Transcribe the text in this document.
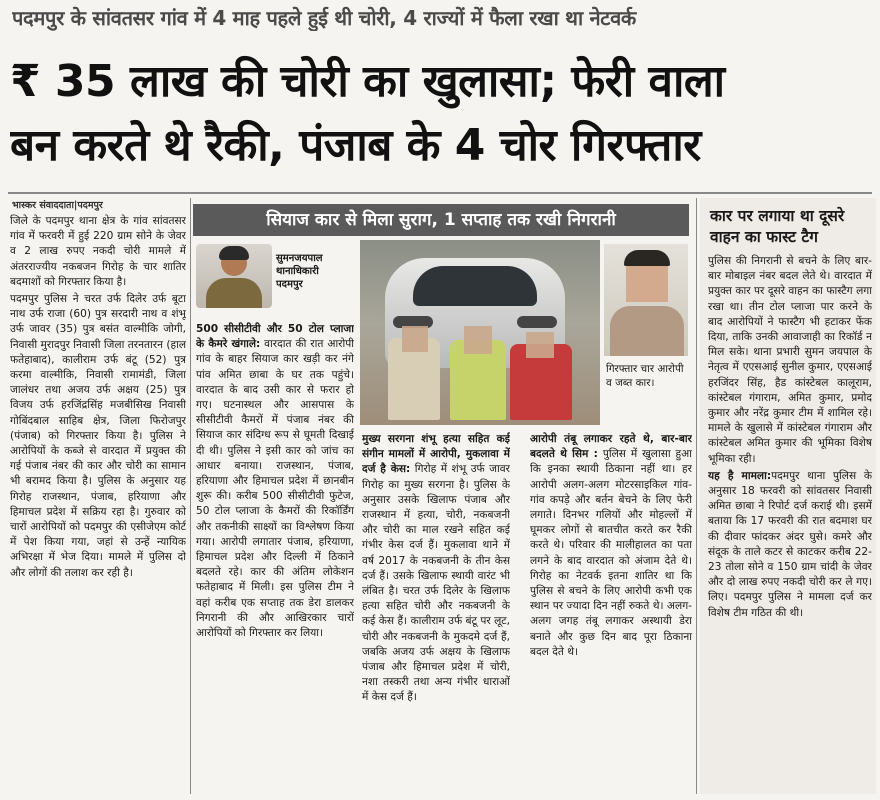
पदमपुर के सांवतसर गांव में 4 माह पहले हुई थी चोरी, 4 राज्यों में फैला रखा था नेटवर्क
₹ 35 लाख की चोरी का खुलासा; फेरी वाला
बन करते थे रैकी, पंजाब के 4 चोर गिरफ्तार
भास्कर संवाददाता|पदमपुर

जिले के पदमपुर थाना क्षेत्र के गांव सांवतसर गांव में फरवरी में हुई 220 ग्राम सोने के जेवर व 2 लाख रुपए नकदी चोरी मामले में अंतरराज्यीय नकबजन गिरोह के चार शातिर बदमाशों को गिरफ्तार किया है।

पदमपुर पुलिस ने चरत उर्फ दिलेर उर्फ बूटा नाथ उर्फ राजा (60) पुत्र सरदारी नाथ व शंभू उर्फ जावर (35) पुत्र बसंत वाल्मीकि जोगी, निवासी मुरादपुर निवासी जिला तरनतारन (हाल फतेहाबाद), कालीराम उर्फ बंटू (52) पुत्र करमा वाल्मीकि, निवासी रामामंडी, जिला जालंधर तथा अजय उर्फ अक्षय (25) पुत्र विजय उर्फ हरजिंद्रसिंह मजबीसिख निवासी गोबिंदबाल साहिब क्षेत्र, जिला फिरोजपुर (पंजाब) को गिरफ्तार किया है। पुलिस ने आरोपियों के कब्जे से वारदात में प्रयुक्त की गई पंजाब नंबर की कार और चोरी का सामान भी बरामद किया है। पुलिस के अनुसार यह गिरोह राजस्थान, पंजाब, हरियाणा और हिमाचल प्रदेश में सक्रिय रहा है। गुरुवार को चारों आरोपियों को पदमपुर की एसीजेएम कोर्ट में पेश किया गया, जहां से उन्हें न्यायिक अभिरक्षा में भेज दिया। मामले में पुलिस दो और लोगों की तलाश कर रही है।

सियाज कार से मिला सुराग, 1 सप्ताह तक रखी निगरानी
सुमनजयपाल
थानाधिकारी
पदमपुर
500 सीसीटीवी और 50 टोल प्लाजा के कैमरे खंगाले: वारदात की रात आरोपी गांव के बाहर सियाज कार खड़ी कर नंगे पांव अमित छाबा के घर तक पहुंचे। वारदात के बाद उसी कार से फरार हो गए। घटनास्थल और आसपास के सीसीटीवी कैमरों में पंजाब नंबर की सियाज कार संदिग्ध रूप से घूमती दिखाई दी थी। पुलिस ने इसी कार को जांच का आधार बनाया। राजस्थान, पंजाब, हरियाणा और हिमाचल प्रदेश में छानबीन शुरू की। करीब 500 सीसीटीवी फुटेज, 50 टोल प्लाजा के कैमरों की रिकॉर्डिंग और तकनीकी साक्ष्यों का विश्लेषण किया गया। आरोपी लगातार पंजाब, हरियाणा, हिमाचल प्रदेश और दिल्ली में ठिकाने बदलते रहे। कार की अंतिम लोकेशन फतेहाबाद में मिली। इस पुलिस टीम ने वहां करीब एक सप्ताह तक डेरा डालकर निगरानी की और आखिरकार चारों आरोपियों को गिरफ्तार कर लिया।
गिरफ्तार चार आरोपी व जब्त कार।
मुख्य सरगना शंभू हत्या सहित कई संगीन मामलों में आरोपी, मुकलावा में दर्ज है केस: गिरोह में शंभू उर्फ जावर गिरोह का मुख्य सरगना है। पुलिस के अनुसार उसके खिलाफ पंजाब और राजस्थान में हत्या, चोरी, नकबजनी और चोरी का माल रखने सहित कई गंभीर केस दर्ज हैं। मुकलावा थाने में वर्ष 2017 के नकबजनी के तीन केस दर्ज हैं। उसके खिलाफ स्थायी वारंट भी लंबित है। चरत उर्फ दिलेर के खिलाफ हत्या सहित चोरी और नकबजनी के कई केस हैं। कालीराम उर्फ बंटू पर लूट, चोरी और नकबजनी के मुकदमे दर्ज हैं, जबकि अजय उर्फ अक्षय के खिलाफ पंजाब और हिमाचल प्रदेश में चोरी, नशा तस्करी तथा अन्य गंभीर धाराओं में केस दर्ज हैं।
आरोपी तंबू लगाकर रहते थे, बार-बार बदलते थे सिम : पुलिस में खुलासा हुआ कि इनका स्थायी ठिकाना नहीं था। हर आरोपी अलग-अलग मोटरसाइकिल गांव-गांव कपड़े और बर्तन बेचने के लिए फेरी लगाते। दिनभर गलियों और मोहल्लों में घूमकर लोगों से बातचीत करते कर रैकी करते थे। परिवार की मालीहालत का पता लगने के बाद वारदात को अंजाम देते थे। गिरोह का नेटवर्क इतना शातिर था कि पुलिस से बचने के लिए आरोपी कभी एक स्थान पर ज्यादा दिन नहीं रुकते थे। अलग-अलग जगह तंबू लगाकर अस्थायी डेरा बनाते और कुछ दिन बाद पूरा ठिकाना बदल देते थे।
कार पर लगाया था दूसरे वाहन का फास्ट टैग

पुलिस की निगरानी से बचने के लिए बार-बार मोबाइल नंबर बदल लेते थे। वारदात में प्रयुक्त कार पर दूसरे वाहन का फास्टैग लगा रखा था। तीन टोल प्लाजा पार करने के बाद आरोपियों ने फास्टैग भी हटाकर फेंक दिया, ताकि उनकी आवाजाही का रिकॉर्ड न मिल सके। थाना प्रभारी सुमन जयपाल के नेतृत्व में एएसआई सुनील कुमार, एएसआई हरजिंदर सिंह, हैड कांस्टेबल कालूराम, कांस्टेबल गंगाराम, अमित कुमार, प्रमोद कुमार और नरेंद्र कुमार टीम में शामिल रहे। मामले के खुलासे में कांस्टेबल गंगाराम और कांस्टेबल अमित कुमार की भूमिका विशेष भूमिका रही।

यह है मामला:पदमपुर थाना पुलिस के अनुसार 18 फरवरी को सांवतसर निवासी अमित छाबा ने रिपोर्ट दर्ज कराई थी। इसमें बताया कि 17 फरवरी की रात बदमाश घर की दीवार फांदकर अंदर घुसे। कमरे और संदूक के ताले कटर से काटकर करीब 22-23 तोला सोने व 150 ग्राम चांदी के जेवर और दो लाख रुपए नकदी चोरी कर ले गए। लिए। पदमपुर पुलिस ने मामला दर्ज कर विशेष टीम गठित की थी।
